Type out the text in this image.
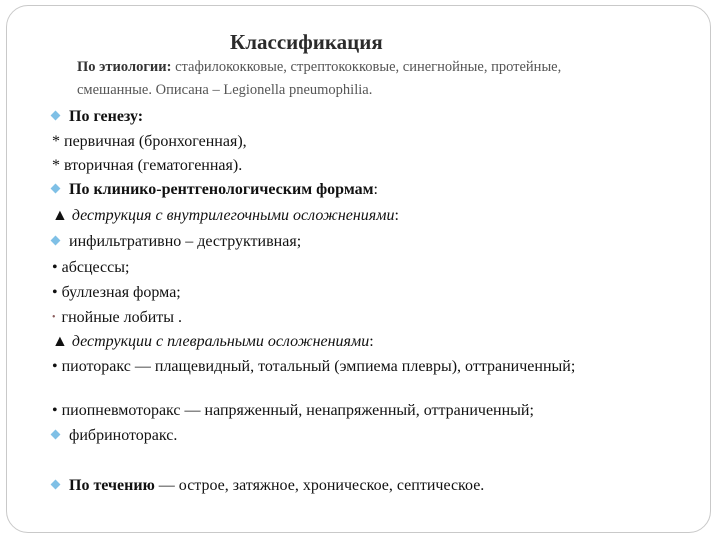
Классификация
По этиологии: стафилококковые, стрептококковые, синегнойные, протейные, смешанные. Описана – Legionella pneumophilia.
По генезу:
* первичная (бронхогенная),
* вторичная (гематогенная).
По клинико-рентгенологическим формам:
▲ деструкция с внутрилегочными осложнениями:
инфильтративно – деструктивная;
• абсцессы;
• буллезная форма;
• гнойные лобиты .
▲ деструкции с плевральными осложнениями:
• пиоторакс — плащевидный, тотальный (эмпиема плевры), оттраниченный;
• пиопневмоторакс — напряженный, ненапряженный, оттраниченный;
фибриноторакс.
По течению — острое, затяжное, хроническое, септическое.
